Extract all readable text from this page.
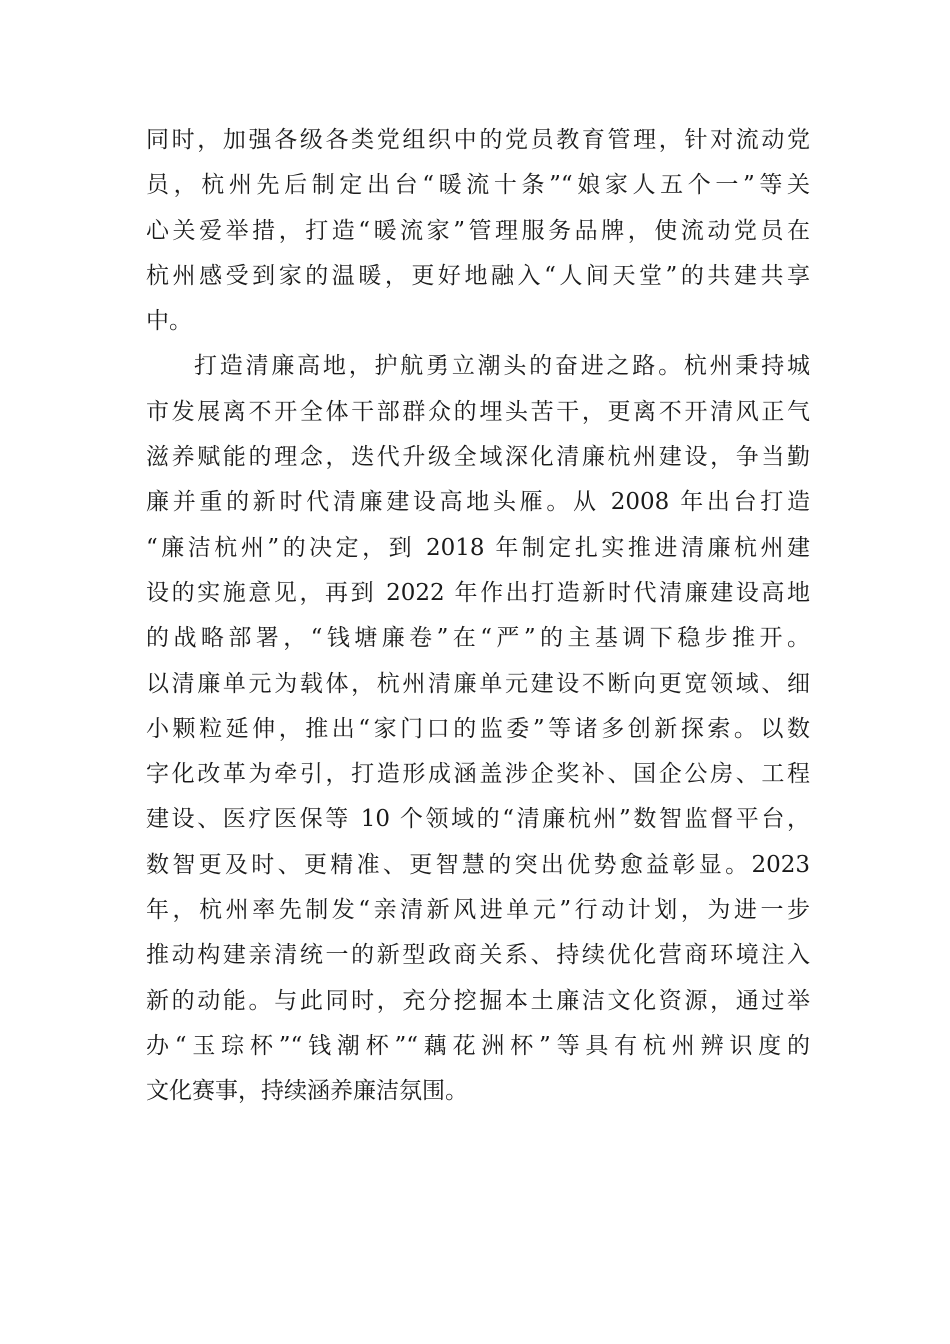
同时，加强各级各类党组织中的党员教育管理，针对流动党
员，杭州先后制定出台“暖流十条”“娘家人五个一”等关
心关爱举措，打造“暖流家”管理服务品牌，使流动党员在
杭州感受到家的温暖，更好地融入“人间天堂”的共建共享
中。
打造清廉高地，护航勇立潮头的奋进之路。杭州秉持城
市发展离不开全体干部群众的埋头苦干，更离不开清风正气
滋养赋能的理念，迭代升级全域深化清廉杭州建设，争当勤
廉并重的新时代清廉建设高地头雁。从 2008 年出台打造
“廉洁杭州”的决定，到 2018 年制定扎实推进清廉杭州建
设的实施意见，再到 2022 年作出打造新时代清廉建设高地
的战略部署，“钱塘廉卷”在“严”的主基调下稳步推开。
以清廉单元为载体，杭州清廉单元建设不断向更宽领域、细
小颗粒延伸，推出“家门口的监委”等诸多创新探索。以数
字化改革为牵引，打造形成涵盖涉企奖补、国企公房、工程
建设、医疗医保等 10 个领域的“清廉杭州”数智监督平台，
数智更及时、更精准、更智慧的突出优势愈益彰显。2023
年，杭州率先制发“亲清新风进单元”行动计划，为进一步
推动构建亲清统一的新型政商关系、持续优化营商环境注入
新的动能。与此同时，充分挖掘本土廉洁文化资源，通过举
办“玉琮杯”“钱潮杯”“藕花洲杯”等具有杭州辨识度的
文化赛事，持续涵养廉洁氛围。
